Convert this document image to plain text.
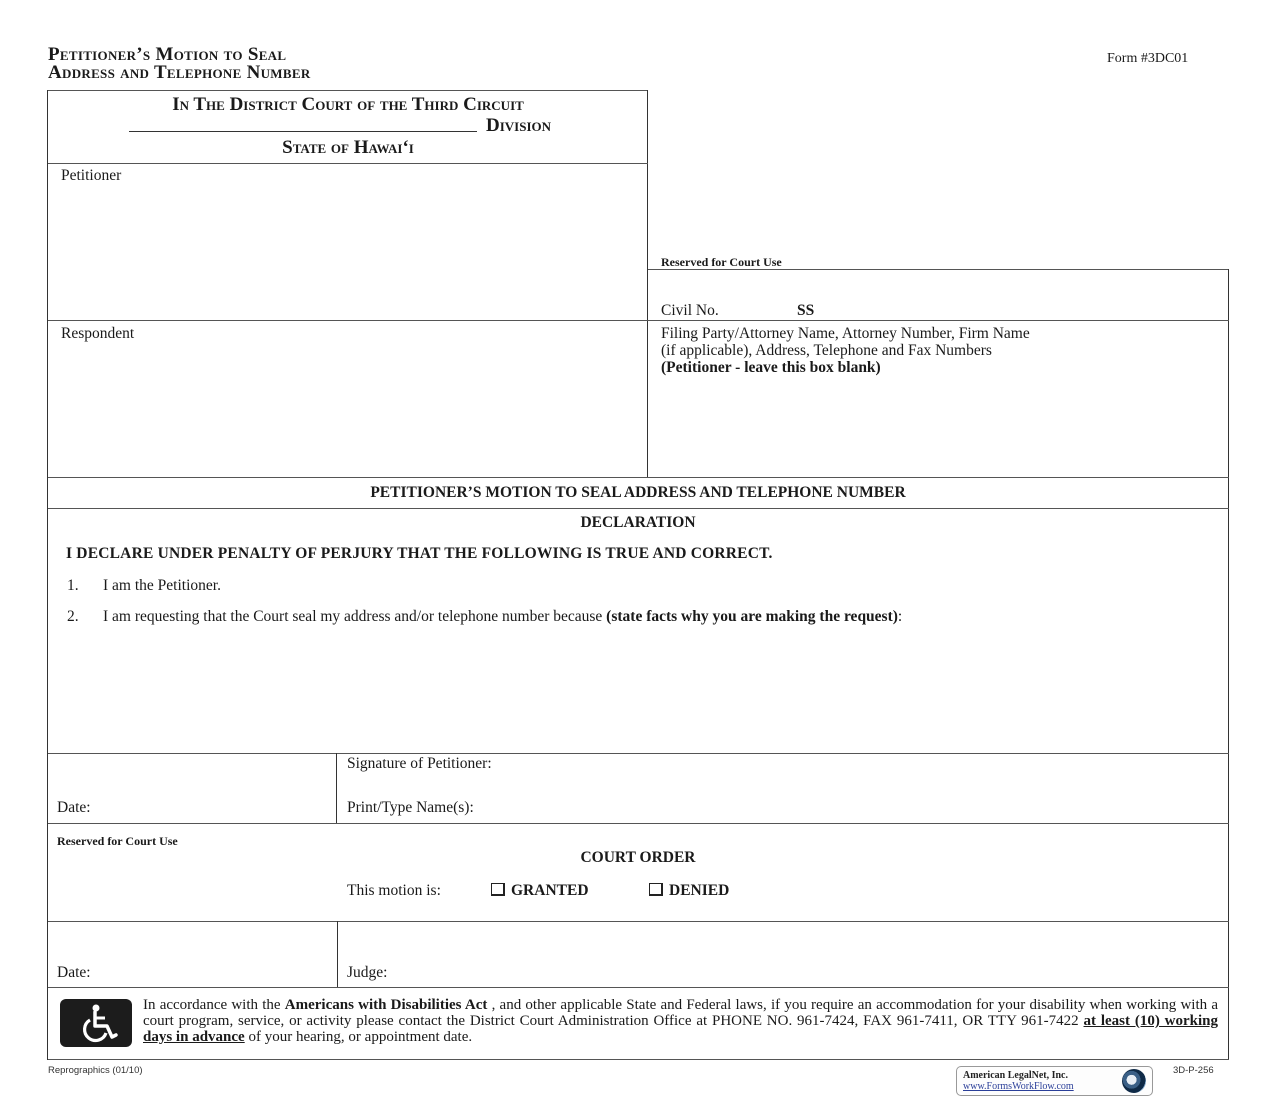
Petitioner’s Motion to Seal
Address and Telephone Number
Form #3DC01
In The District Court of the Third Circuit
Division
State of Hawai‘i
Petitioner
Respondent
Reserved for Court Use
Civil No.	SS
Filing Party/Attorney Name, Attorney Number, Firm Name
(if applicable), Address, Telephone and Fax Numbers
(Petitioner - leave this box blank)
PETITIONER’S MOTION TO SEAL ADDRESS AND TELEPHONE NUMBER
DECLARATION
I DECLARE UNDER PENALTY OF PERJURY THAT THE FOLLOWING IS TRUE AND CORRECT.
1. I am the Petitioner.
2. I am requesting that the Court seal my address and/or telephone number because (state facts why you are making the request):
Date:
Signature of Petitioner:
Print/Type Name(s):
Reserved for Court Use
COURT ORDER
This motion is:	GRANTED	DENIED
Date:	Judge:
In accordance with the Americans with Disabilities Act , and other applicable State and Federal laws, if you require an accommodation for your disability when working with a court program, service, or activity please contact the District Court Administration Office at PHONE NO. 961-7424, FAX 961-7411, OR TTY 961-7422 at least (10) working days in advance of your hearing, or appointment date.
Reprographics (01/10)	American LegalNet, Inc.
www.FormsWorkFlow.com
3D-P-256
